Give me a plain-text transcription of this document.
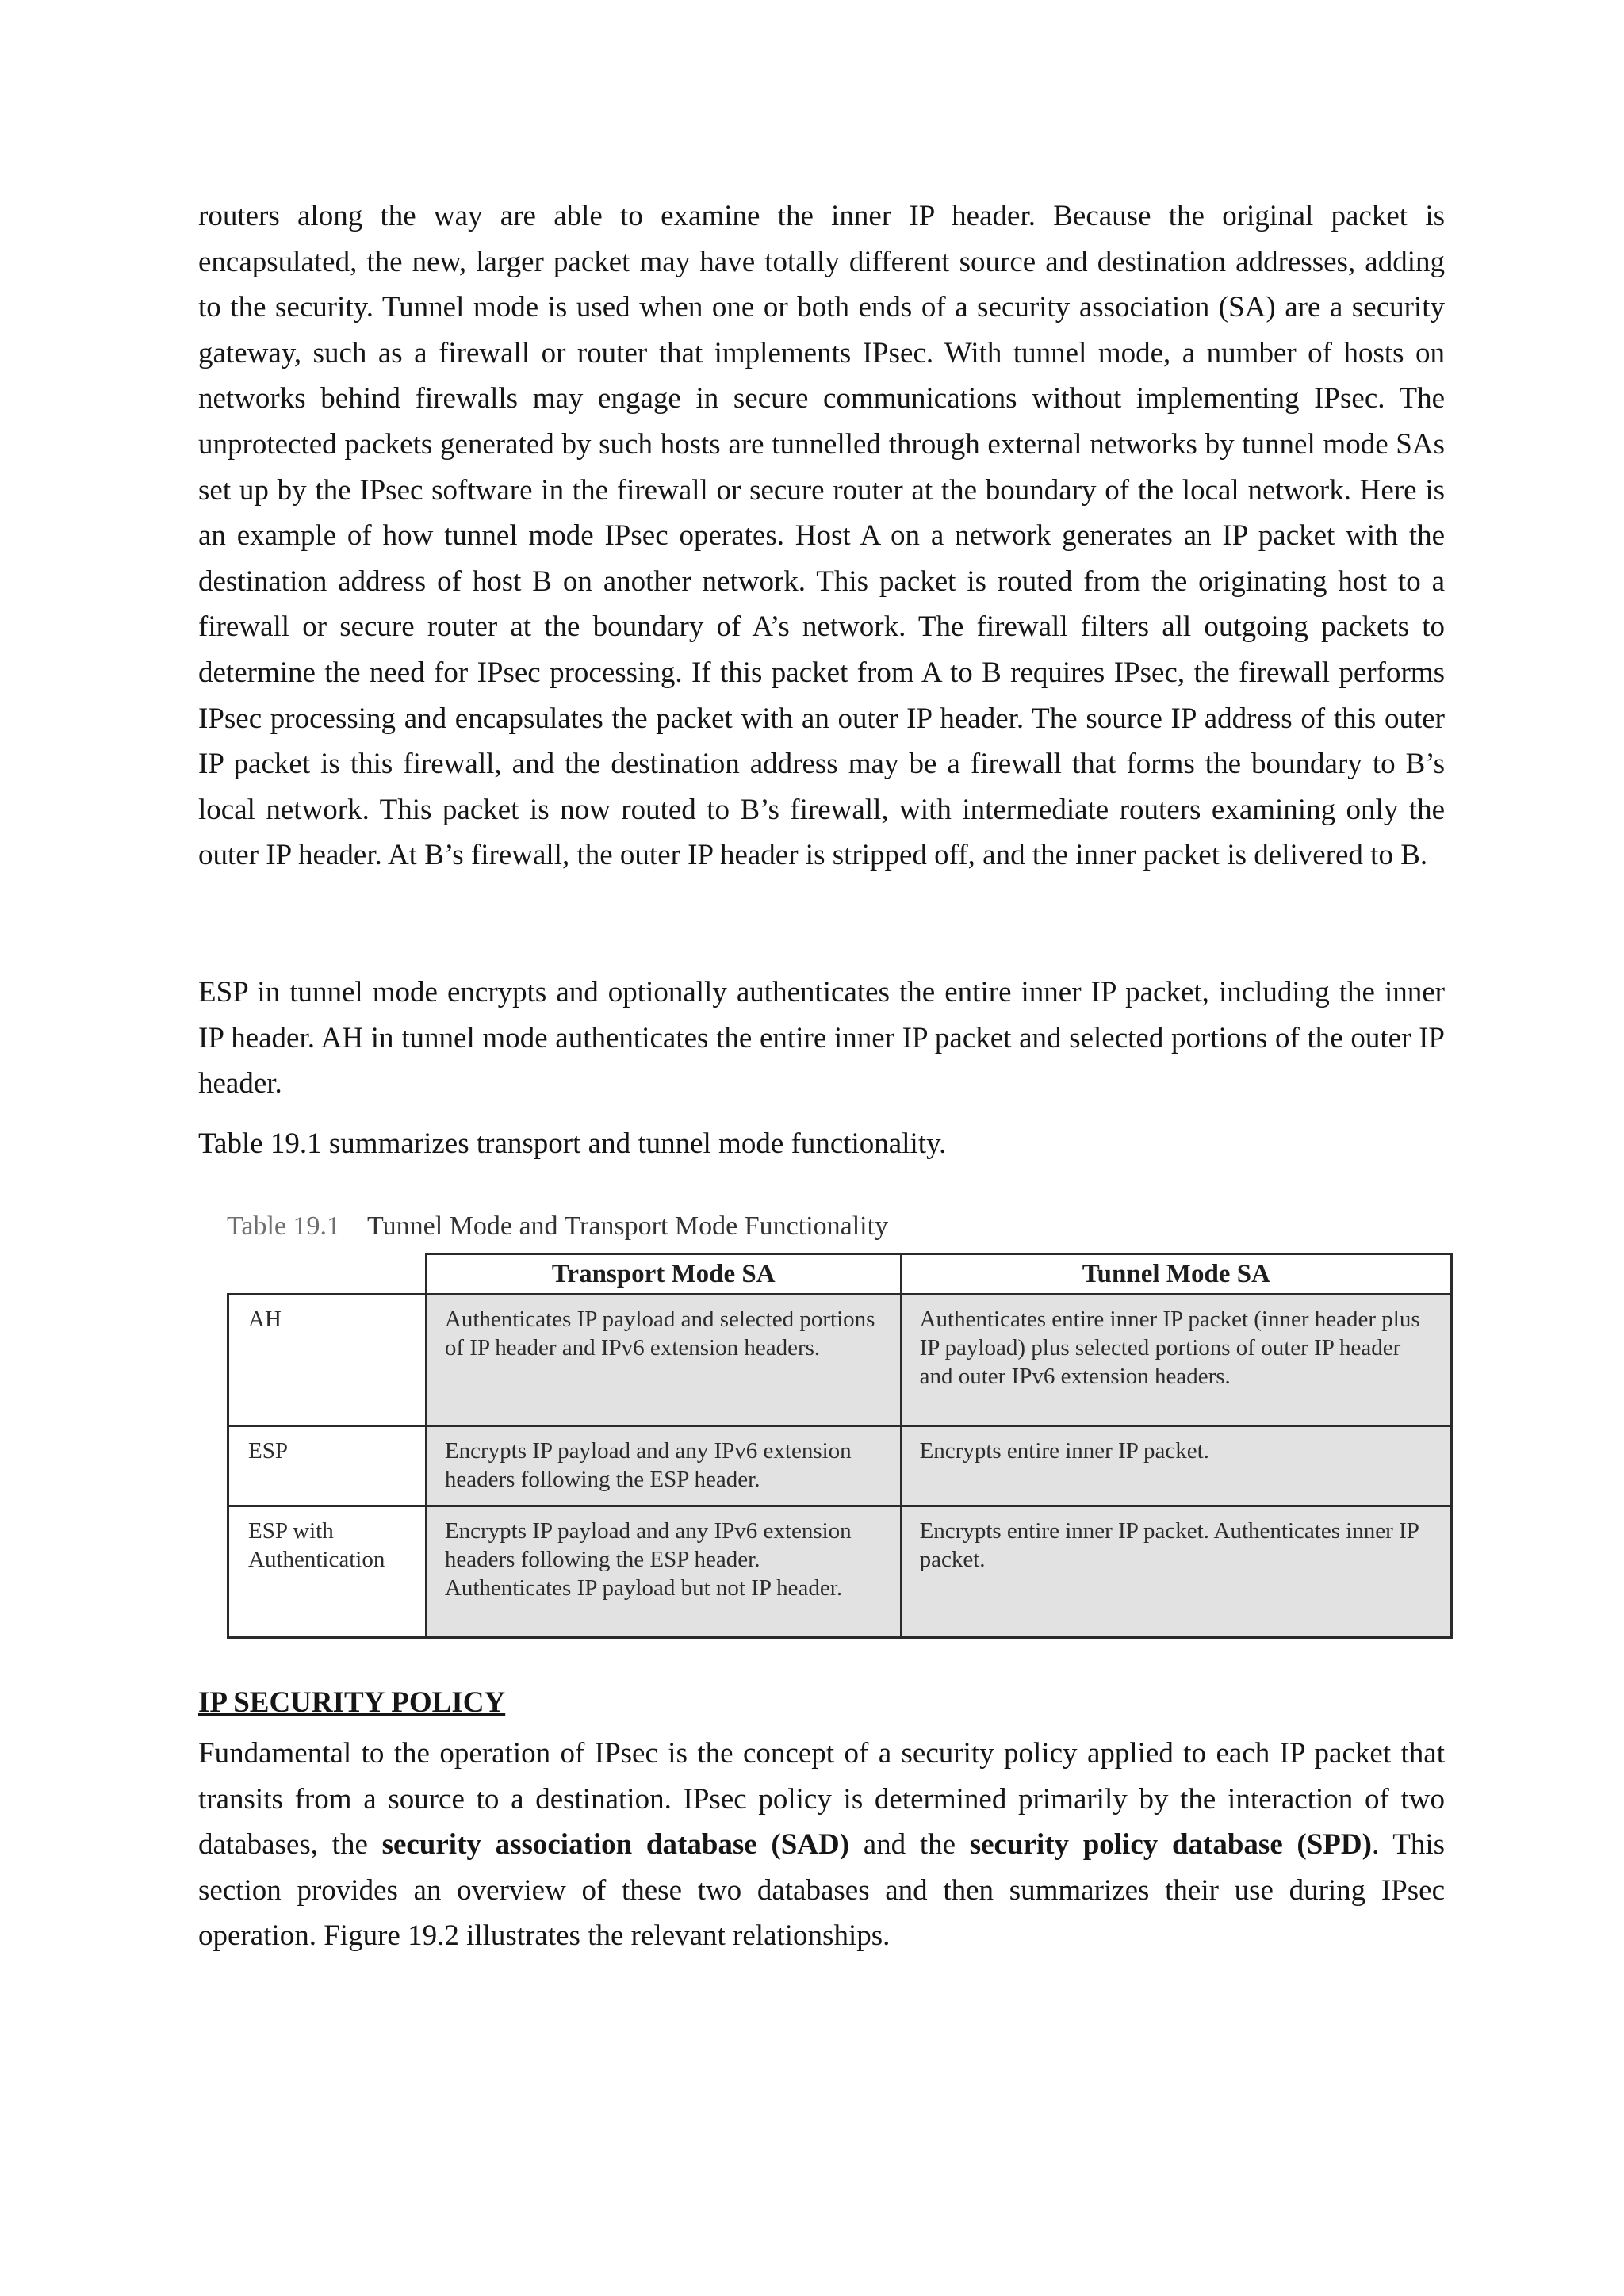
routers along the way are able to examine the inner IP header. Because the original packet is encapsulated, the new, larger packet may have totally different source and destination addresses, adding to the security. Tunnel mode is used when one or both ends of a security association (SA) are a security gateway, such as a firewall or router that implements IPsec. With tunnel mode, a number of hosts on networks behind firewalls may engage in secure communications without implementing IPsec. The unprotected packets generated by such hosts are tunnelled through external networks by tunnel mode SAs set up by the IPsec software in the firewall or secure router at the boundary of the local network. Here is an example of how tunnel mode IPsec operates. Host A on a network generates an IP packet with the destination address of host B on another network. This packet is routed from the originating host to a firewall or secure router at the boundary of A’s network. The firewall filters all outgoing packets to determine the need for IPsec processing. If this packet from A to B requires IPsec, the firewall performs IPsec processing and encapsulates the packet with an outer IP header. The source IP address of this outer IP packet is this firewall, and the destination address may be a firewall that forms the boundary to B’s local network. This packet is now routed to B’s firewall, with intermediate routers examining only the outer IP header. At B’s firewall, the outer IP header is stripped off, and the inner packet is delivered to B.

ESP in tunnel mode encrypts and optionally authenticates the entire inner IP packet, including the inner IP header. AH in tunnel mode authenticates the entire inner IP packet and selected portions of the outer IP header.

Table 19.1 summarizes transport and tunnel mode functionality.

Table 19.1 Tunnel Mode and Transport Mode Functionality
	Transport Mode SA	Tunnel Mode SA
AH	Authenticates IP payload and selected portions of IP header and IPv6 extension headers.	Authenticates entire inner IP packet (inner header plus IP payload) plus selected portions of outer IP header and outer IPv6 extension headers.
ESP	Encrypts IP payload and any IPv6 extension headers following the ESP header.	Encrypts entire inner IP packet.
ESP with Authentication	Encrypts IP payload and any IPv6 extension headers following the ESP header. Authenticates IP payload but not IP header.	Encrypts entire inner IP packet. Authenticates inner IP packet.
IP SECURITY POLICY

Fundamental to the operation of IPsec is the concept of a security policy applied to each IP packet that transits from a source to a destination. IPsec policy is determined primarily by the interaction of two databases, the security association database (SAD) and the security policy database (SPD). This section provides an overview of these two databases and then summarizes their use during IPsec operation. Figure 19.2 illustrates the relevant relationships.
